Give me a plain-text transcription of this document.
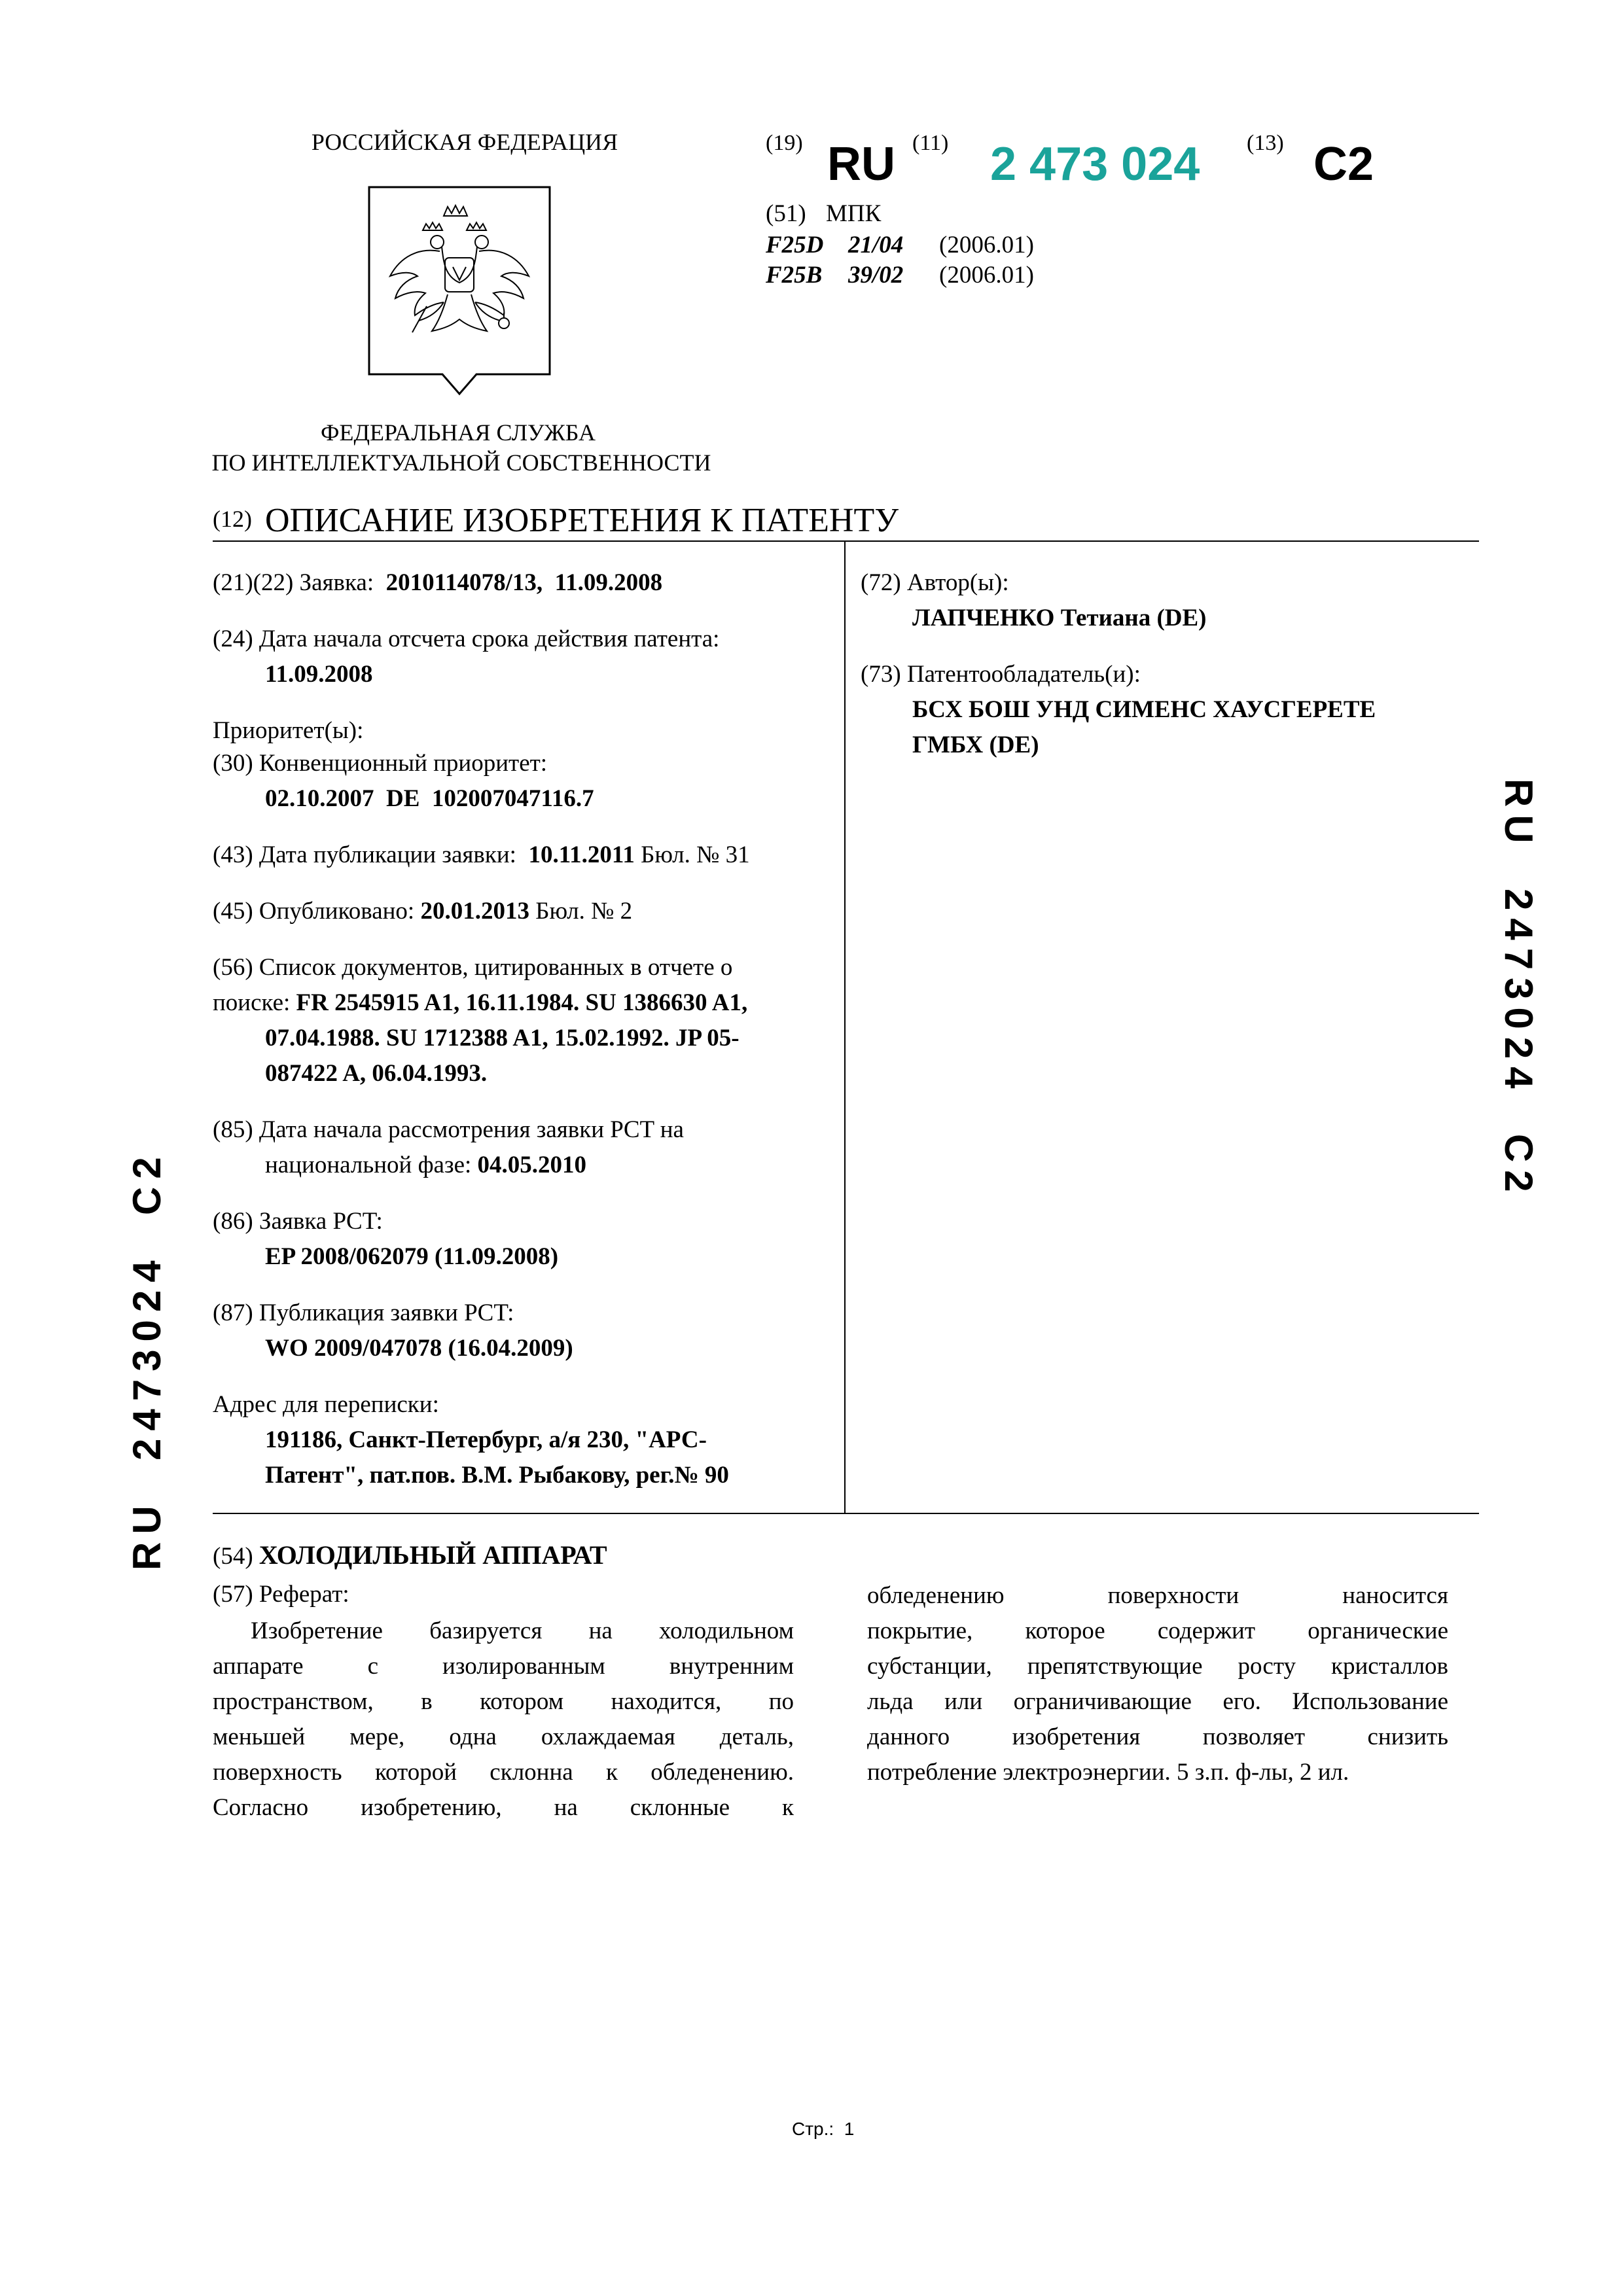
РОССИЙСКАЯ ФЕДЕРАЦИЯ
ФЕДЕРАЛЬНАЯ СЛУЖБА
ПО ИНТЕЛЛЕКТУАЛЬНОЙ СОБСТВЕННОСТИ
(19) RU (11) 2 473 024 (13) C2
(51) МПК
F25D 21/04 (2006.01)
F25B 39/02 (2006.01)
(12) ОПИСАНИЕ ИЗОБРЕТЕНИЯ К ПАТЕНТУ
(21)(22) Заявка: 2010114078/13,  11.09.2008
(24) Дата начала отсчета срока действия патента:
11.09.2008
Приоритет(ы):
(30) Конвенционный приоритет:
02.10.2007  DE  102007047116.7
(43) Дата публикации заявки: 10.11.2011 Бюл. № 31
(45) Опубликовано: 20.01.2013 Бюл. № 2
(56) Список документов, цитированных в отчете о
поиске: FR 2545915 A1, 16.11.1984. SU 1386630 A1,
07.04.1988. SU 1712388 A1, 15.02.1992. JP 05-
087422 A, 06.04.1993.
(85) Дата начала рассмотрения заявки PCT на
национальной фазе: 04.05.2010
(86) Заявка PCT:
EP 2008/062079 (11.09.2008)
(87) Публикация заявки PCT:
WO 2009/047078 (16.04.2009)
Адрес для переписки:
191186, Санкт-Петербург, а/я 230, "АРС-
Патент", пат.пов. В.М. Рыбакову, рег.№ 90
(72) Автор(ы):
ЛАПЧЕНКО Тетиана (DE)
(73) Патентообладатель(и):
БСХ БОШ УНД СИМЕНС ХАУСГЕРЕТЕ
ГМБХ (DE)
(54) ХОЛОДИЛЬНЫЙ АППАРАТ
(57) Реферат:
Изобретение базируется на холодильном
аппарате с изолированным внутренним
пространством, в котором находится, по
меньшей мере, одна охлаждаемая деталь,
поверхность которой склонна к обледенению.
Согласно изобретению, на склонные к
обледенению поверхности наносится
покрытие, которое содержит органические
субстанции, препятствующие росту кристаллов
льда или ограничивающие его. Использование
данного изобретения позволяет снизить
потребление электроэнергии. 5 з.п. ф-лы, 2 ил.
RU  2473024  C2
RU  2473024  C2
Стр.:  1
